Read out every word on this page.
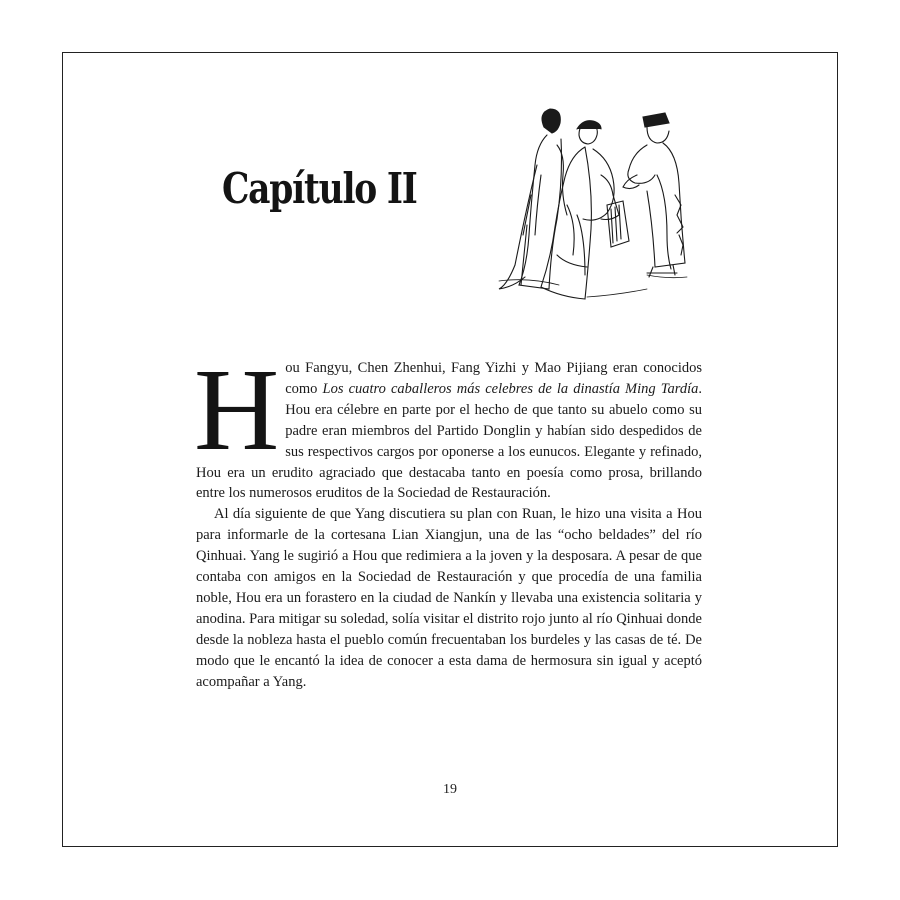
Capítulo II

Hou Fangyu, Chen Zhenhui, Fang Yizhi y Mao Pijiang eran conocidos como Los cuatro caballeros más celebres de la dinastía Ming Tardía. Hou era célebre en parte por el hecho de que tanto su abuelo como su padre eran miembros del Partido Donglin y habían sido despedidos de sus respectivos cargos por oponerse a los eunucos. Elegante y refinado, Hou era un erudito agraciado que destacaba tanto en poesía como prosa, brillando entre los numerosos eruditos de la Sociedad de Restauración.

Al día siguiente de que Yang discutiera su plan con Ruan, le hizo una visita a Hou para informarle de la cortesana Lian Xiangjun, una de las “ocho beldades” del río Qinhuai. Yang le sugirió a Hou que redimiera a la joven y la desposara. A pesar de que contaba con amigos en la Sociedad de Restauración y que procedía de una familia noble, Hou era un forastero en la ciudad de Nankín y llevaba una existencia solitaria y anodina. Para mitigar su soledad, solía visitar el distrito rojo junto al río Qinhuai donde desde la nobleza hasta el pueblo común frecuentaban los burdeles y las casas de té. De modo que le encantó la idea de conocer a esta dama de hermosura sin igual y aceptó acompañar a Yang.

19
